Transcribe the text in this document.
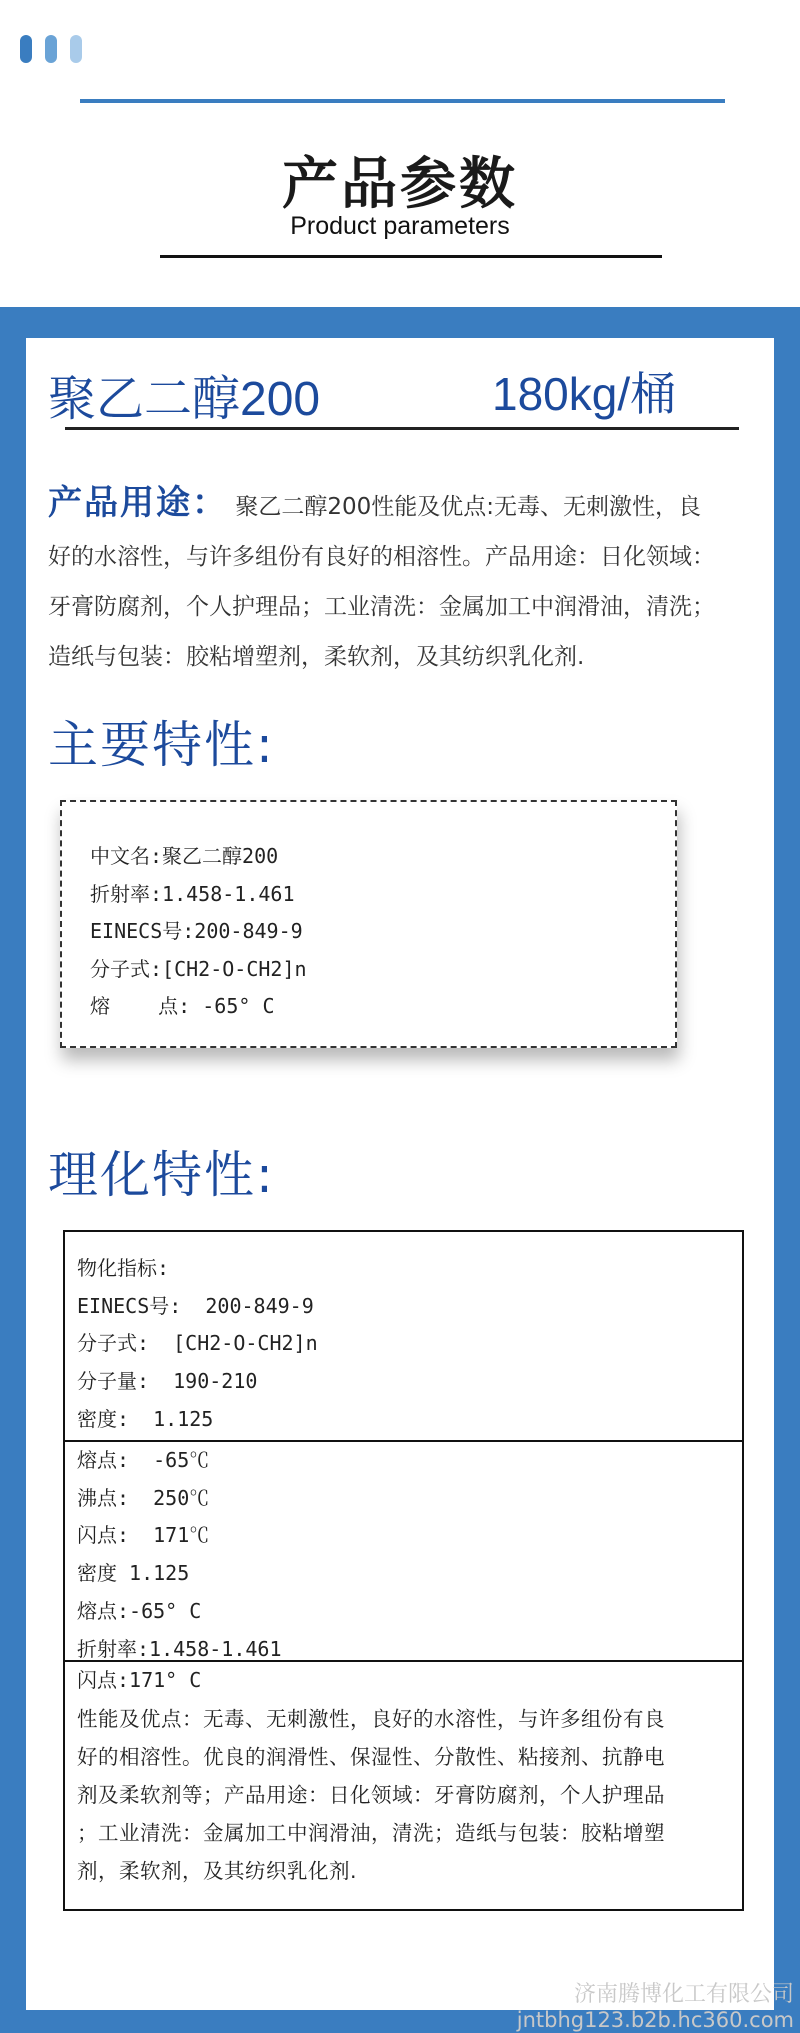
产品参数
Product parameters
聚乙二醇200	180kg/桶
产品用途： 聚乙二醇200性能及优点:无毒、无刺激性，良
好的水溶性，与许多组份有良好的相溶性。产品用途：日化领域：
牙膏防腐剂，个人护理品；工业清洗：金属加工中润滑油，清洗；
造纸与包装：胶粘增塑剂，柔软剂，及其纺织乳化剂.
主要特性:
中文名:聚乙二醇200
折射率:1.458-1.461
EINECS号:200-849-9
分子式:[CH2-O-CH2]n
熔    点: -65° C
理化特性:
物化指标:
EINECS号:  200-849-9
分子式:  [CH2-O-CH2]n
分子量:  190-210
密度:  1.125
熔点:  -65℃
沸点:  250℃
闪点:  171℃
密度 1.125
熔点:-65° C
折射率:1.458-1.461
闪点:171° C
性能及优点：无毒、无刺激性，良好的水溶性，与许多组份有良
好的相溶性。优良的润滑性、保湿性、分散性、粘接剂、抗静电
剂及柔软剂等；产品用途：日化领域：牙膏防腐剂，个人护理品
；工业清洗：金属加工中润滑油，清洗；造纸与包装：胶粘增塑
剂，柔软剂，及其纺织乳化剂.
济南腾博化工有限公司
jntbhg123.b2b.hc360.com
